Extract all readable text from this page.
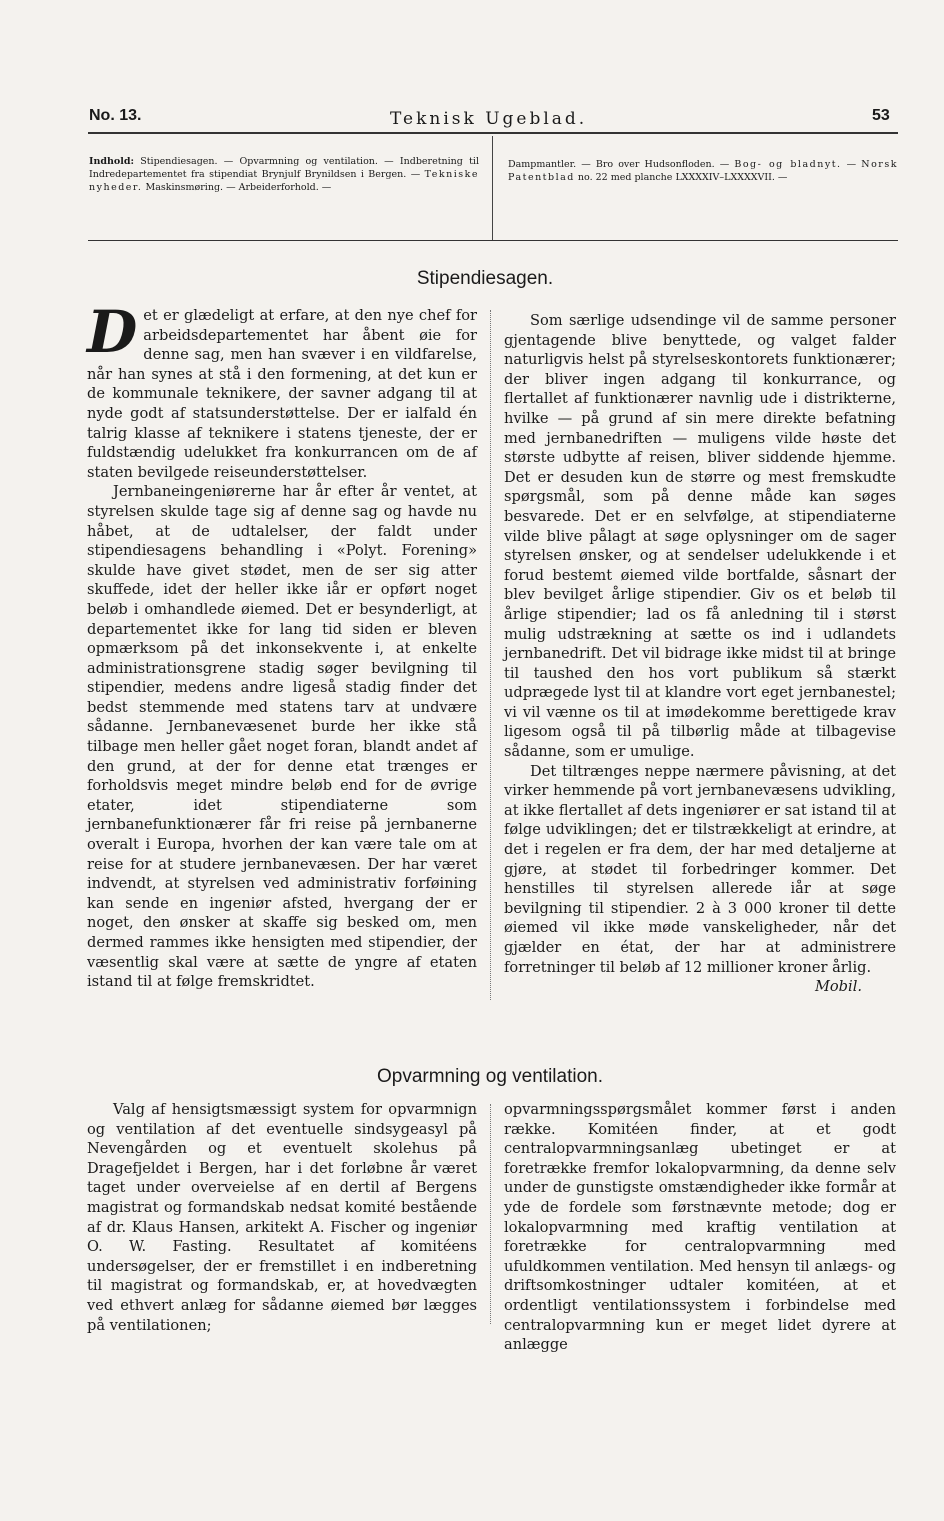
No. 13.	Teknisk Ugeblad.	53
Indhold: Stipendiesagen. — Opvarmning og ventilation. — Indberetning til Indredepartementet fra stipendiat Brynjulf Brynildsen i Bergen. — Tekniske nyheder. Maskinsmøring. — Arbeiderforhold. —
Dampmantler. — Bro over Hudsonfloden. — Bog- og bladnyt. — Norsk Patentblad no. 22 med planche LXXXXIV–LXXXXVII. —
Stipendiesagen.

Det er glædeligt at erfare, at den nye chef for arbeidsdepartementet har åbent øie for denne sag, men han svæver i en vildfarelse, når han synes at stå i den formening, at det kun er de kommunale teknikere, der savner adgang til at nyde godt af statsunderstøttelse. Der er ialfald én talrig klasse af teknikere i statens tjeneste, der er fuldstændig udelukket fra konkurrancen om de af staten bevilgede reiseunderstøttelser.

Jernbaneingeniørerne har år efter år ventet, at styrelsen skulde tage sig af denne sag og havde nu håbet, at de udtalelser, der faldt under stipendiesagens behandling i «Polyt. Forening» skulde have givet stødet, men de ser sig atter skuffede, idet der heller ikke iår er opført noget beløb i omhandlede øiemed. Det er besynderligt, at departementet ikke for lang tid siden er bleven opmærksom på det inkonsekvente i, at enkelte administrationsgrene stadig søger bevilgning til stipendier, medens andre ligeså stadig finder det bedst stemmende med statens tarv at undvære sådanne. Jernbanevæsenet burde her ikke stå tilbage men heller gået noget foran, blandt andet af den grund, at der for denne etat trænges er forholdsvis meget mindre beløb end for de øvrige etater, idet stipendiaterne som jernbanefunktionærer får fri reise på jernbanerne overalt i Europa, hvorhen der kan være tale om at reise for at studere jernbanevæsen. Der har været indvendt, at styrelsen ved administrativ forføining kan sende en ingeniør afsted, hvergang der er noget, den ønsker at skaffe sig besked om, men dermed rammes ikke hensigten med stipendier, der væsentlig skal være at sætte de yngre af etaten istand til at følge fremskridtet.

Som særlige udsendinge vil de samme personer gjentagende blive benyttede, og valget falder naturligvis helst på styrelseskontorets funktionærer; der bliver ingen adgang til konkurrance, og flertallet af funktionærer navnlig ude i distrikterne, hvilke — på grund af sin mere direkte befatning med jernbanedriften — muligens vilde høste det største udbytte af reisen, bliver siddende hjemme. Det er desuden kun de større og mest fremskudte spørgsmål, som på denne måde kan søges besvarede. Det er en selvfølge, at stipendiaterne vilde blive pålagt at søge oplysninger om de sager styrelsen ønsker, og at sendelser udelukkende i et forud bestemt øiemed vilde bortfalde, såsnart der blev bevilget årlige stipendier. Giv os et beløb til årlige stipendier; lad os få anledning til i størst mulig udstrækning at sætte os ind i udlandets jernbanedrift. Det vil bidrage ikke midst til at bringe til taushed den hos vort publikum så stærkt udprægede lyst til at klandre vort eget jernbanestel; vi vil vænne os til at imødekomme berettigede krav ligesom også til på tilbørlig måde at tilbagevise sådanne, som er umulige.

Det tiltrænges neppe nærmere påvisning, at det virker hemmende på vort jernbanevæsens udvikling, at ikke flertallet af dets ingeniører er sat istand til at følge udviklingen; det er tilstrækkeligt at erindre, at det i regelen er fra dem, der har med detaljerne at gjøre, at stødet til forbedringer kommer. Det henstilles til styrelsen allerede iår at søge bevilgning til stipendier. 2 à 3 000 kroner til dette øiemed vil ikke møde vanskeligheder, når det gjælder en état, der har at administrere forretninger til beløb af 12 millioner kroner årlig.

Mobil.
Opvarmning og ventilation.

Valg af hensigtsmæssigt system for opvarmnign og ventilation af det eventuelle sindsygeasyl på Nevengården og et eventuelt skolehus på Dragefjeldet i Bergen, har i det forløbne år været taget under overveielse af en dertil af Bergens magistrat og formandskab nedsat komité bestående af dr. Klaus Hansen, arkitekt A. Fischer og ingeniør O. W. Fasting. Resultatet af komitéens undersøgelser, der er fremstillet i en indberetning til magistrat og formandskab, er, at hovedvægten ved ethvert anlæg for sådanne øiemed bør lægges på ventilationen;

opvarmningsspørgsmålet kommer først i anden række. Komitéen finder, at et godt centralopvarmningsanlæg ubetinget er at foretrække fremfor lokalopvarmning, da denne selv under de gunstigste omstændigheder ikke formår at yde de fordele som førstnævnte metode; dog er lokalopvarmning med kraftig ventilation at foretrække for centralopvarmning med ufuldkommen ventilation. Med hensyn til anlægs- og driftsomkostninger udtaler komitéen, at et ordentligt ventilationssystem i forbindelse med centralopvarmning kun er meget lidet dyrere at anlægge
